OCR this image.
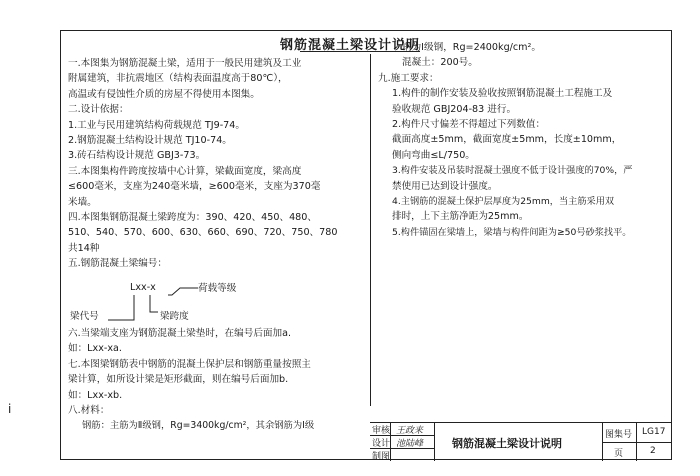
钢筋混凝土梁设计说明
一.本图集为钢筋混凝土梁，适用于一般民用建筑及工业
附属建筑，非抗震地区（结构表面温度高于80℃），
高温或有侵蚀性介质的房屋不得使用本图集。
二.设计依据：
1.工业与民用建筑结构荷载规范 TJ9-74。
2.钢筋混凝土结构设计规范 TJ10-74。
3.砖石结构设计规范 GBJ3-73。
三.本图集构件跨度按墙中心计算，梁截面宽度，梁高度
≤600毫米，支座为240毫米墙，≥600毫米，支座为370毫
米墙。
四.本图集钢筋混凝土梁跨度为：390、420、450、480、
510、540、570、600、630、660、690、720、750、780
共14种
五.钢筋混凝土梁编号：
Lxx-x	荷载等级
梁代号	梁跨度
六.当梁端支座为钢筋混凝土梁垫时，在编号后面加a.
如：Lxx-xa.
七.本图梁钢筋表中钢筋的混凝土保护层和钢筋重量按照主
梁计算，如所设计梁是矩形截面，则在编号后面加b.
如：Lxx-xb.
八.材料：
钢筋：主筋为Ⅱ级钢，Rg=3400kg/cm²，其余钢筋为Ⅰ级
钢为Ⅰ级钢，Rg=2400kg/cm²。
混凝土：200号。
九.施工要求：
1.构件的制作安装及验收按照钢筋混凝土工程施工及
验收规范 GBJ204-83 进行。
2.构件尺寸偏差不得超过下列数值：
截面高度±5mm，截面宽度±5mm，长度±10mm，
侧向弯曲≤L/750。
3.构件安装及吊装时混凝土强度不低于设计强度的70%，严
禁使用已达到设计强度。
4.主钢筋的混凝土保护层厚度为25mm，当主筋采用双
排时，上下主筋净距为25mm。
5.构件锚固在梁墙上，梁墙与构件间距为≥50号砂浆找平。
审核 王政来
设计 池陆峰
制图
钢筋混凝土梁设计说明
图集号 LG17
页	2
i
